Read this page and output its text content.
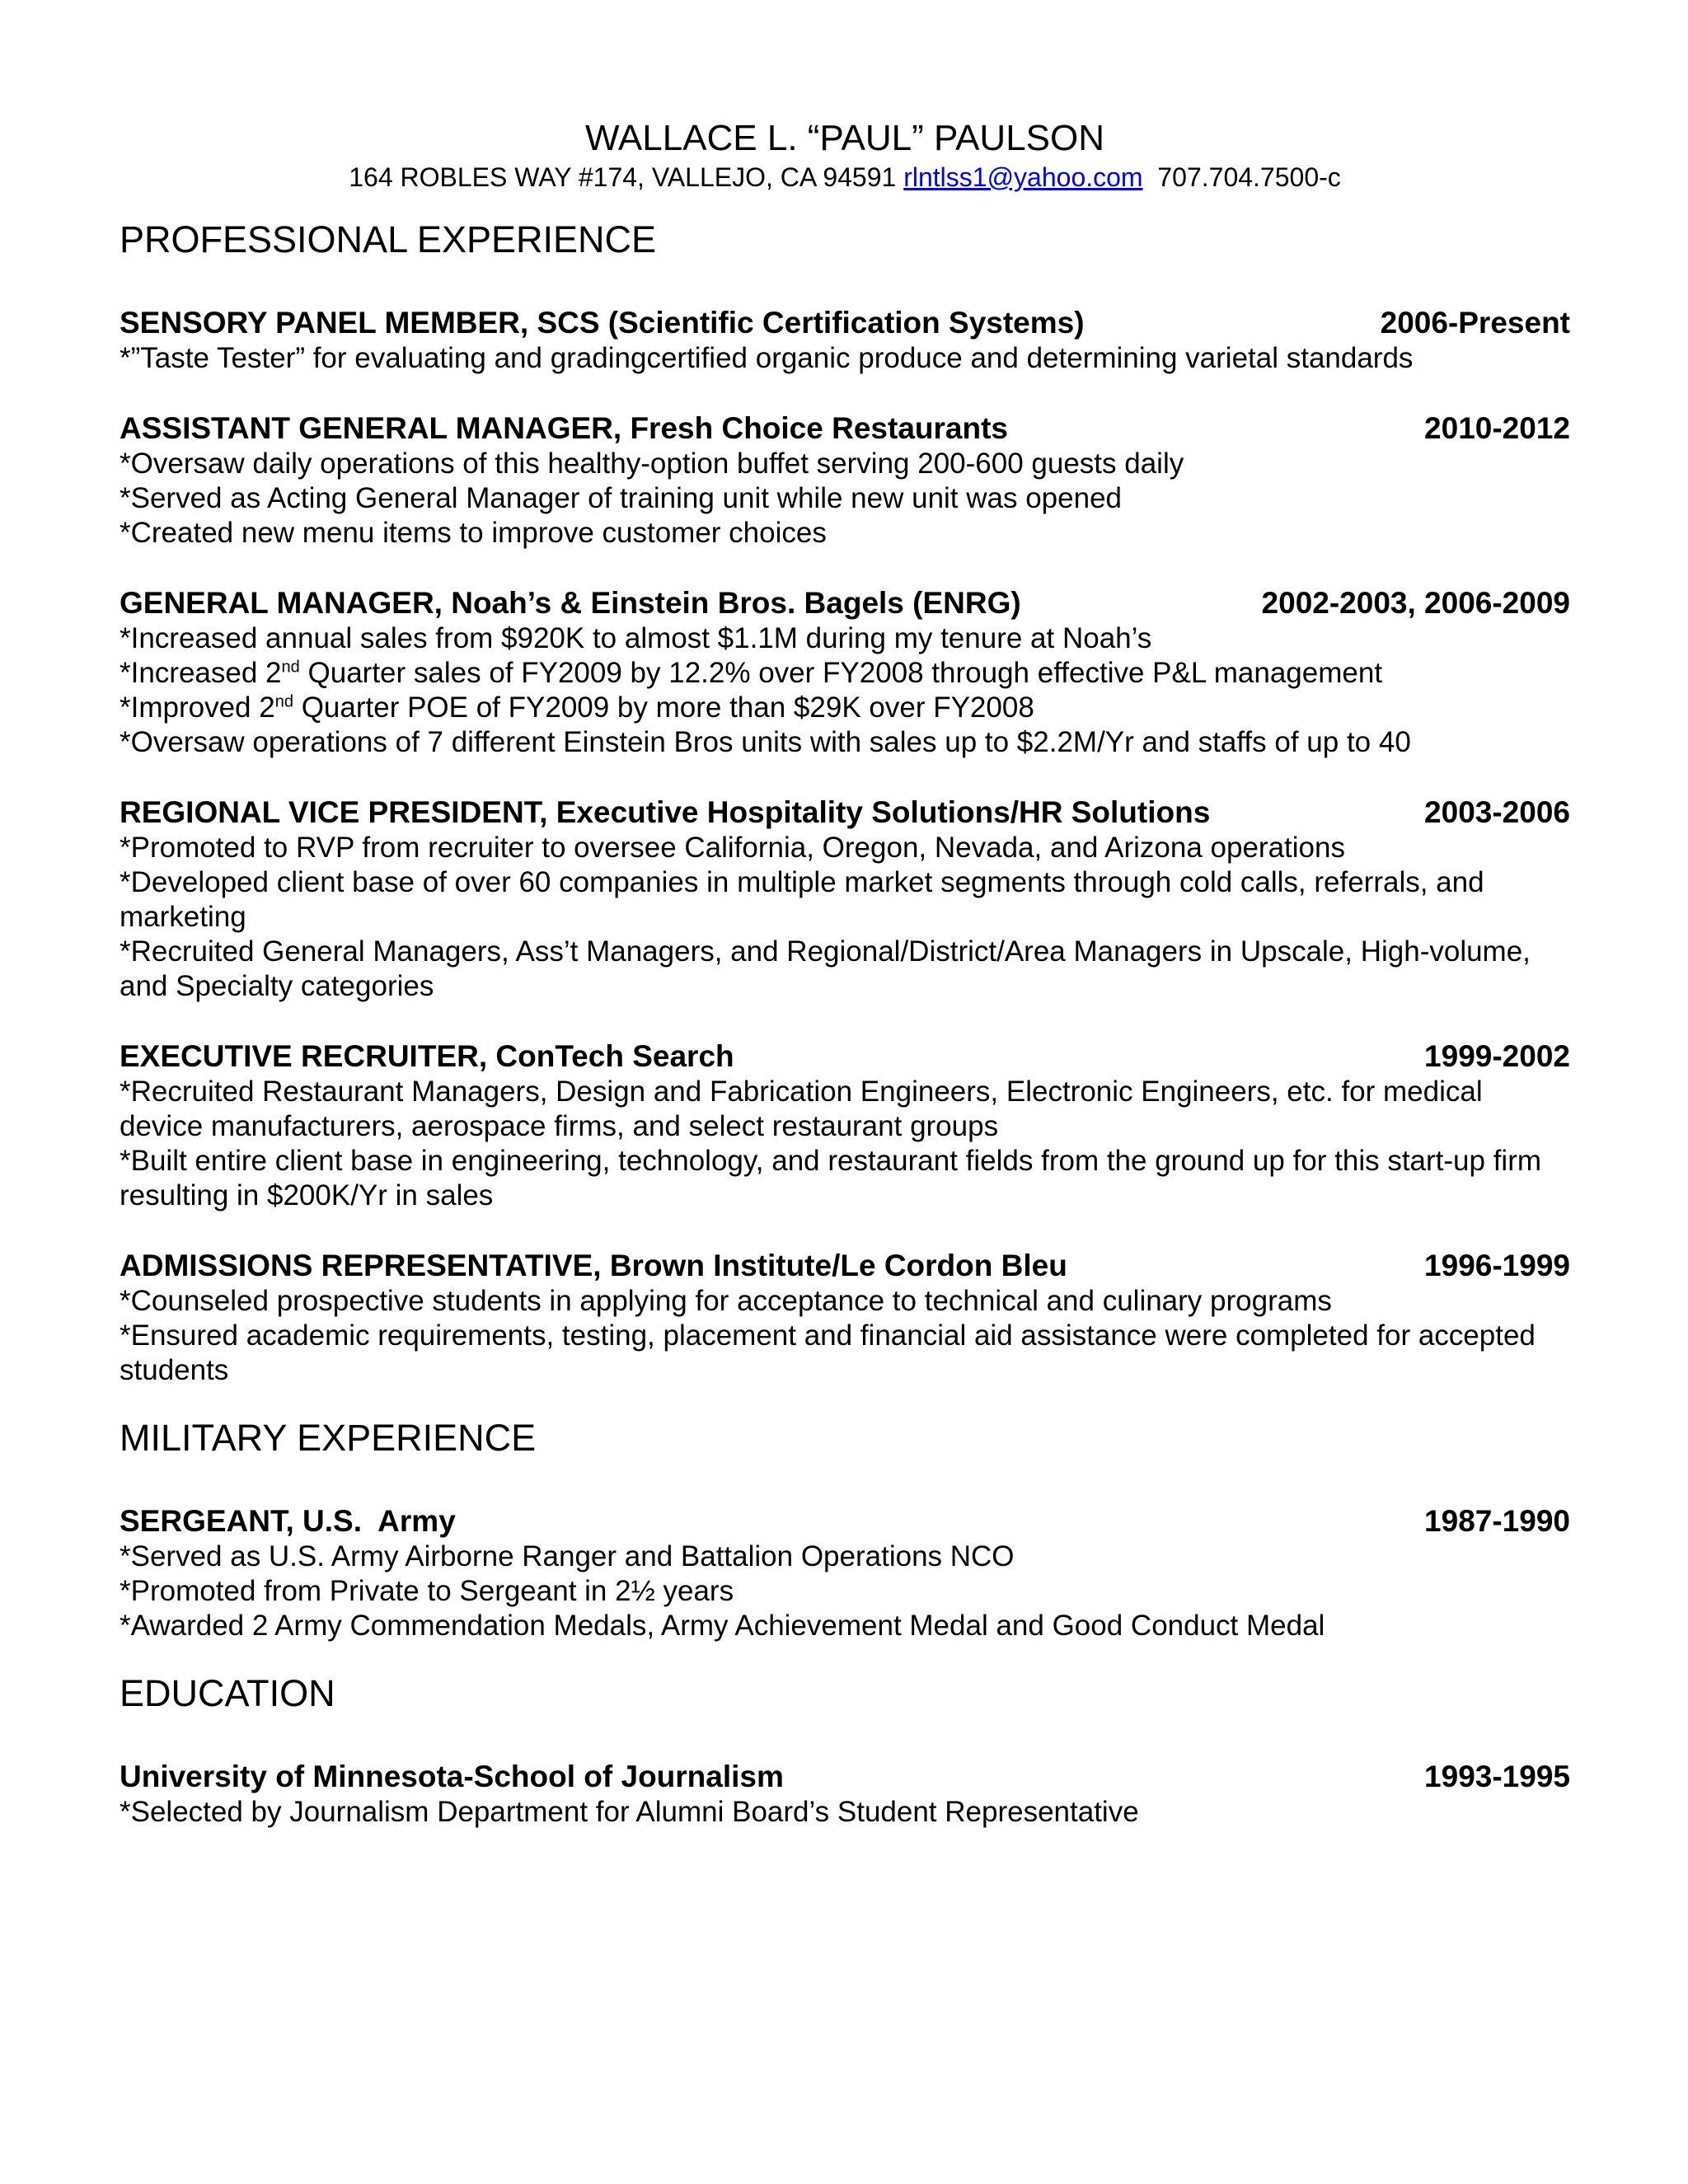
WALLACE L. “PAUL” PAULSON

164 ROBLES WAY #174, VALLEJO, CA 94591 rlntlss1@yahoo.com 707.704.7500-c

PROFESSIONAL EXPERIENCE
SENSORY PANEL MEMBER, SCS (Scientific Certification Systems)	2006-Present

*”Taste Tester” for evaluating and gradingcertified organic produce and determining varietal standards

ASSISTANT GENERAL MANAGER, Fresh Choice Restaurants	2010-2012

*Oversaw daily operations of this healthy-option buffet serving 200-600 guests daily

*Served as Acting General Manager of training unit while new unit was opened

*Created new menu items to improve customer choices

GENERAL MANAGER, Noah’s & Einstein Bros. Bagels (ENRG)	2002-2003, 2006-2009

*Increased annual sales from $920K to almost $1.1M during my tenure at Noah’s

*Increased 2nd Quarter sales of FY2009 by 12.2% over FY2008 through effective P&L management

*Improved 2nd Quarter POE of FY2009 by more than $29K over FY2008

*Oversaw operations of 7 different Einstein Bros units with sales up to $2.2M/Yr and staffs of up to 40

REGIONAL VICE PRESIDENT, Executive Hospitality Solutions/HR Solutions	2003-2006

*Promoted to RVP from recruiter to oversee California, Oregon, Nevada, and Arizona operations

*Developed client base of over 60 companies in multiple market segments through cold calls, referrals, and marketing

*Recruited General Managers, Ass’t Managers, and Regional/District/Area Managers in Upscale, High-volume, and Specialty categories

EXECUTIVE RECRUITER, ConTech Search	1999-2002

*Recruited Restaurant Managers, Design and Fabrication Engineers, Electronic Engineers, etc. for medical device manufacturers, aerospace firms, and select restaurant groups

*Built entire client base in engineering, technology, and restaurant fields from the ground up for this start-up firm resulting in $200K/Yr in sales

ADMISSIONS REPRESENTATIVE, Brown Institute/Le Cordon Bleu	1996-1999

*Counseled prospective students in applying for acceptance to technical and culinary programs

*Ensured academic requirements, testing, placement and financial aid assistance were completed for accepted students

MILITARY EXPERIENCE
SERGEANT, U.S.  Army	1987-1990

*Served as U.S. Army Airborne Ranger and Battalion Operations NCO

*Promoted from Private to Sergeant in 2½ years

*Awarded 2 Army Commendation Medals, Army Achievement Medal and Good Conduct Medal

EDUCATION
University of Minnesota-School of Journalism	1993-1995

*Selected by Journalism Department for Alumni Board’s Student Representative
